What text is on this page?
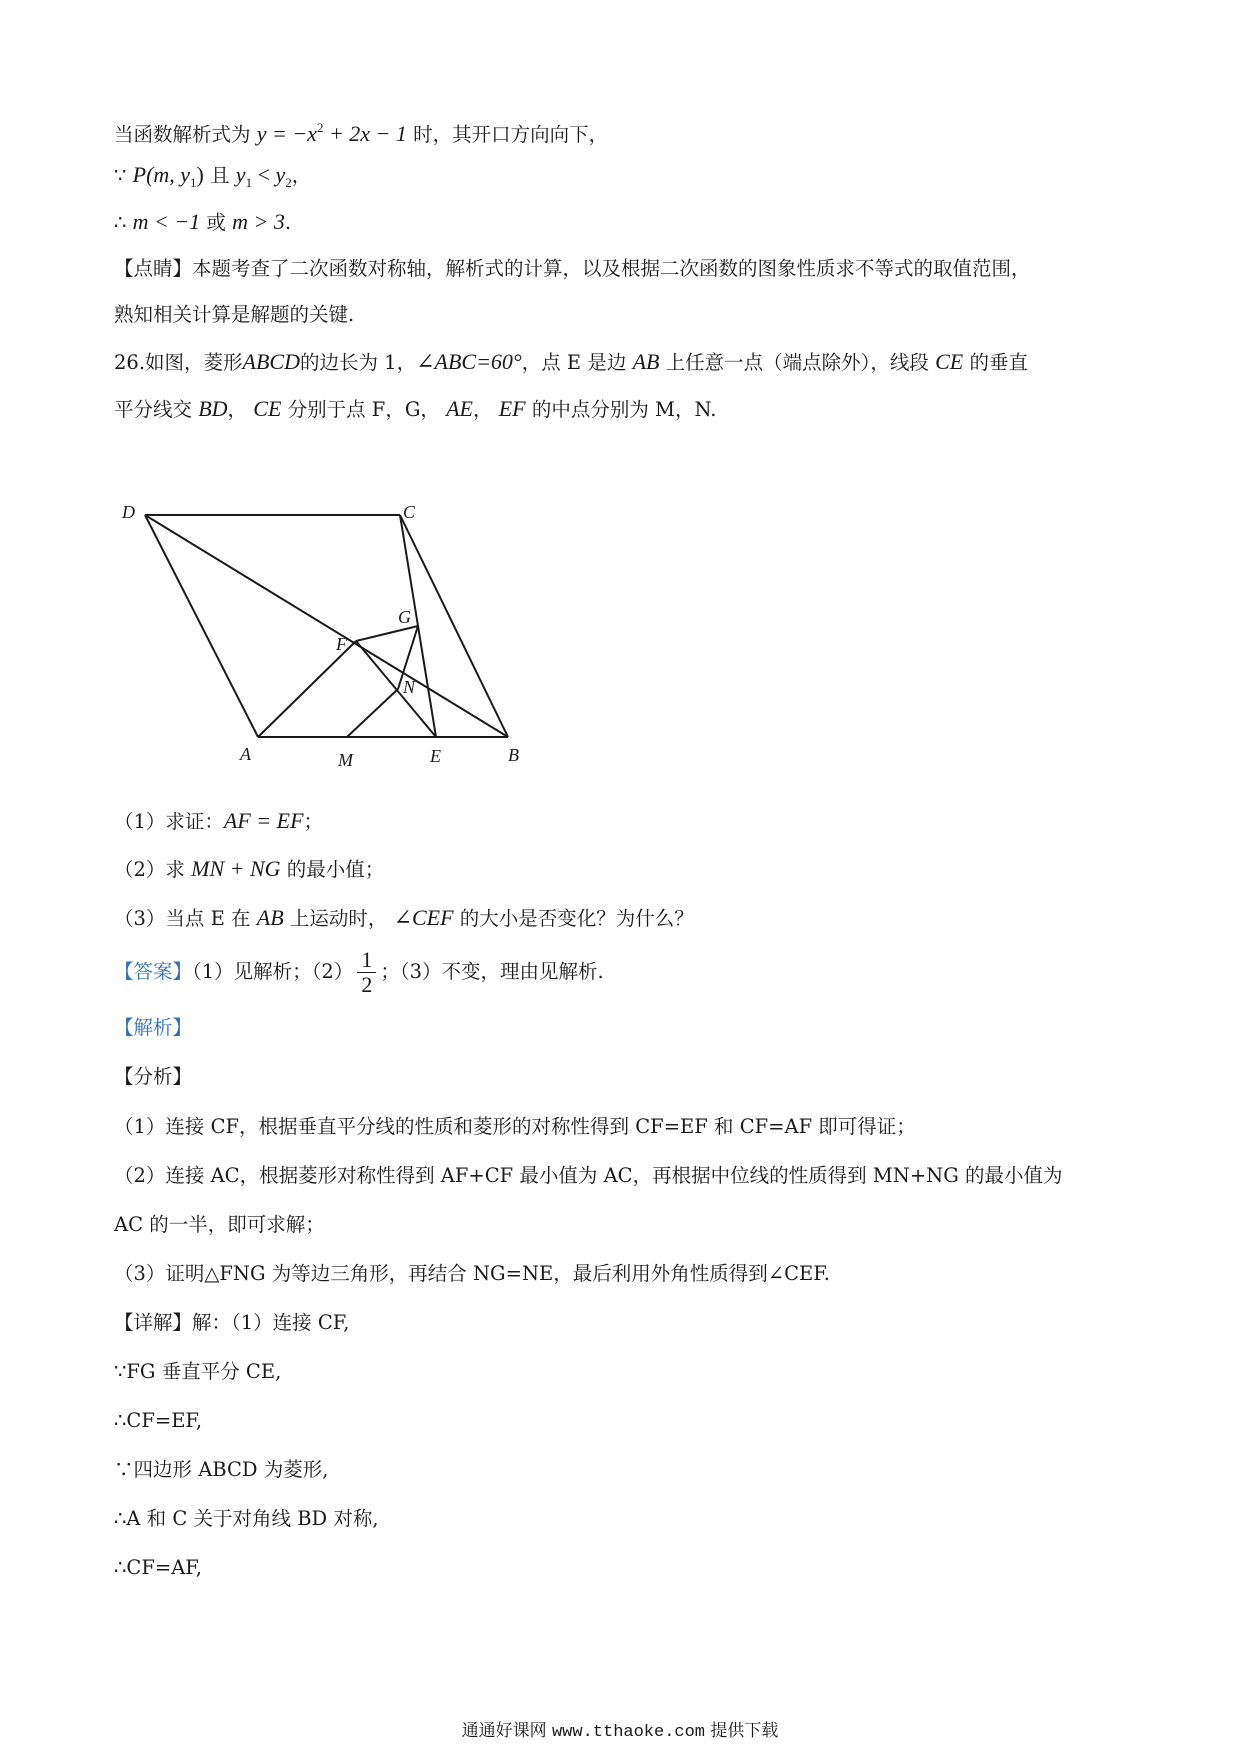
当函数解析式为 $y = -x^2 + 2x - 1$ 时，其开口方向向下，
∵ P(m, $y_1$) 且 $y_1 < y_2$，
∴ m < −1 或 m > 3.
【点睛】本题考查了二次函数对称轴，解析式的计算，以及根据二次函数的图象性质求不等式的取值范围，
熟知相关计算是解题的关键.
26.如图，菱形ABCD的边长为 1，∠ABC=60°，点 E 是边 AB 上任意一点（端点除外），线段 CE 的垂直
平分线交 BD， CE 分别于点 F，G， AE， EF 的中点分别为 M，N.
D	C
G
F
N
A	M	E	B
（1）求证：AF = EF；
（2）求 MN + NG 的最小值；
（3）当点 E 在 AB 上运动时， ∠CEF 的大小是否变化？为什么？
【答案】（1）见解析；$(2) \frac{1}{2}$ ；（3）不变，理由见解析.
【解析】
【分析】
（1）连接 CF，根据垂直平分线的性质和菱形的对称性得到 CF=EF 和 CF=AF 即可得证；
（2）连接 AC，根据菱形对称性得到 AF+CF 最小值为 AC，再根据中位线的性质得到 MN+NG 的最小值为
AC 的一半，即可求解；
（3）证明△FNG 为等边三角形，再结合 NG=NE，最后利用外角性质得到∠CEF.
【详解】解：（1）连接 CF,
∵FG 垂直平分 CE,
∴CF=EF,
∵四边形 ABCD 为菱形,
∴A 和 C 关于对角线 BD 对称,
∴CF=AF,
通通好课网 www.tthaoke.com 提供下载
